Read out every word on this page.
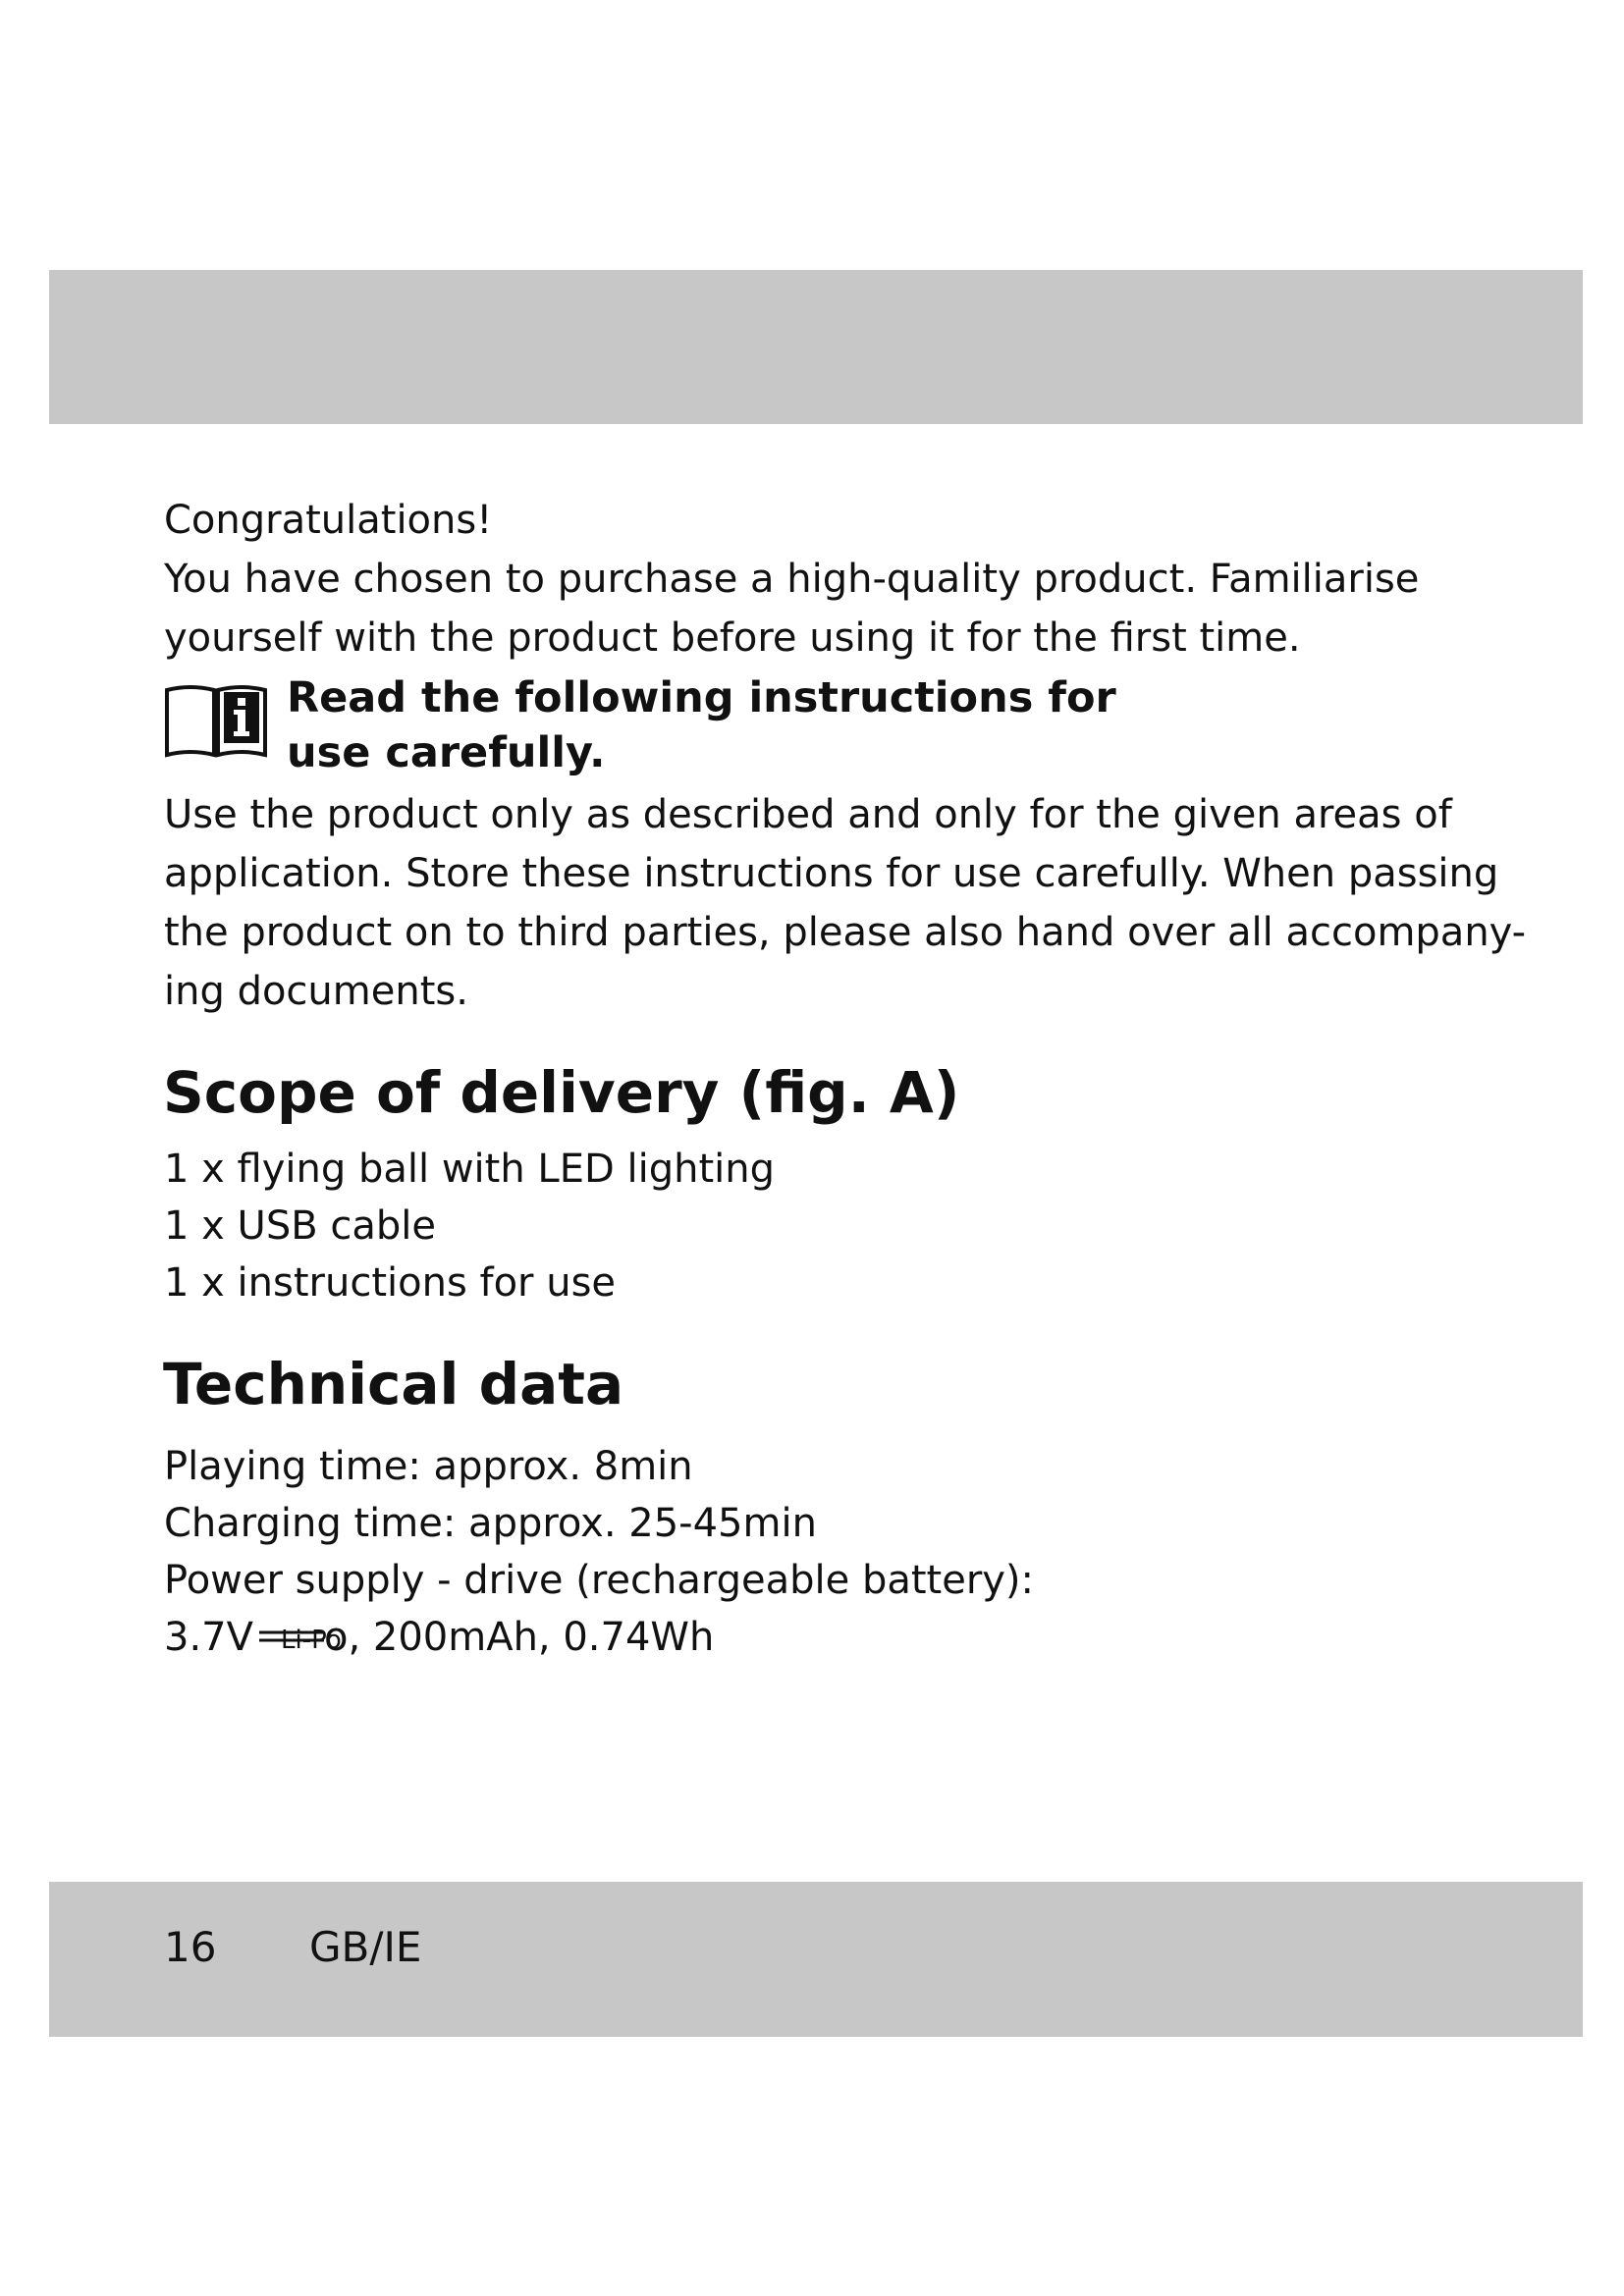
Congratulations!
You have chosen to purchase a high-quality product. Familiarise
yourself with the product before using it for the first time.

Read the following instructions for
use carefully.

Use the product only as described and only for the given areas of
application. Store these instructions for use carefully. When passing
the product on to third parties, please also hand over all accompany-
ing documents.
Scope of delivery (fig. A)
1 x flying ball with LED lighting
1 x USB cable
1 x instructions for use
Technical data
Playing time: approx. 8min
Charging time: approx. 25-45min
Power supply - drive (rechargeable battery):
3.7V Li-Po
o, 200mAh, 0.74Wh
16 GB/IE
